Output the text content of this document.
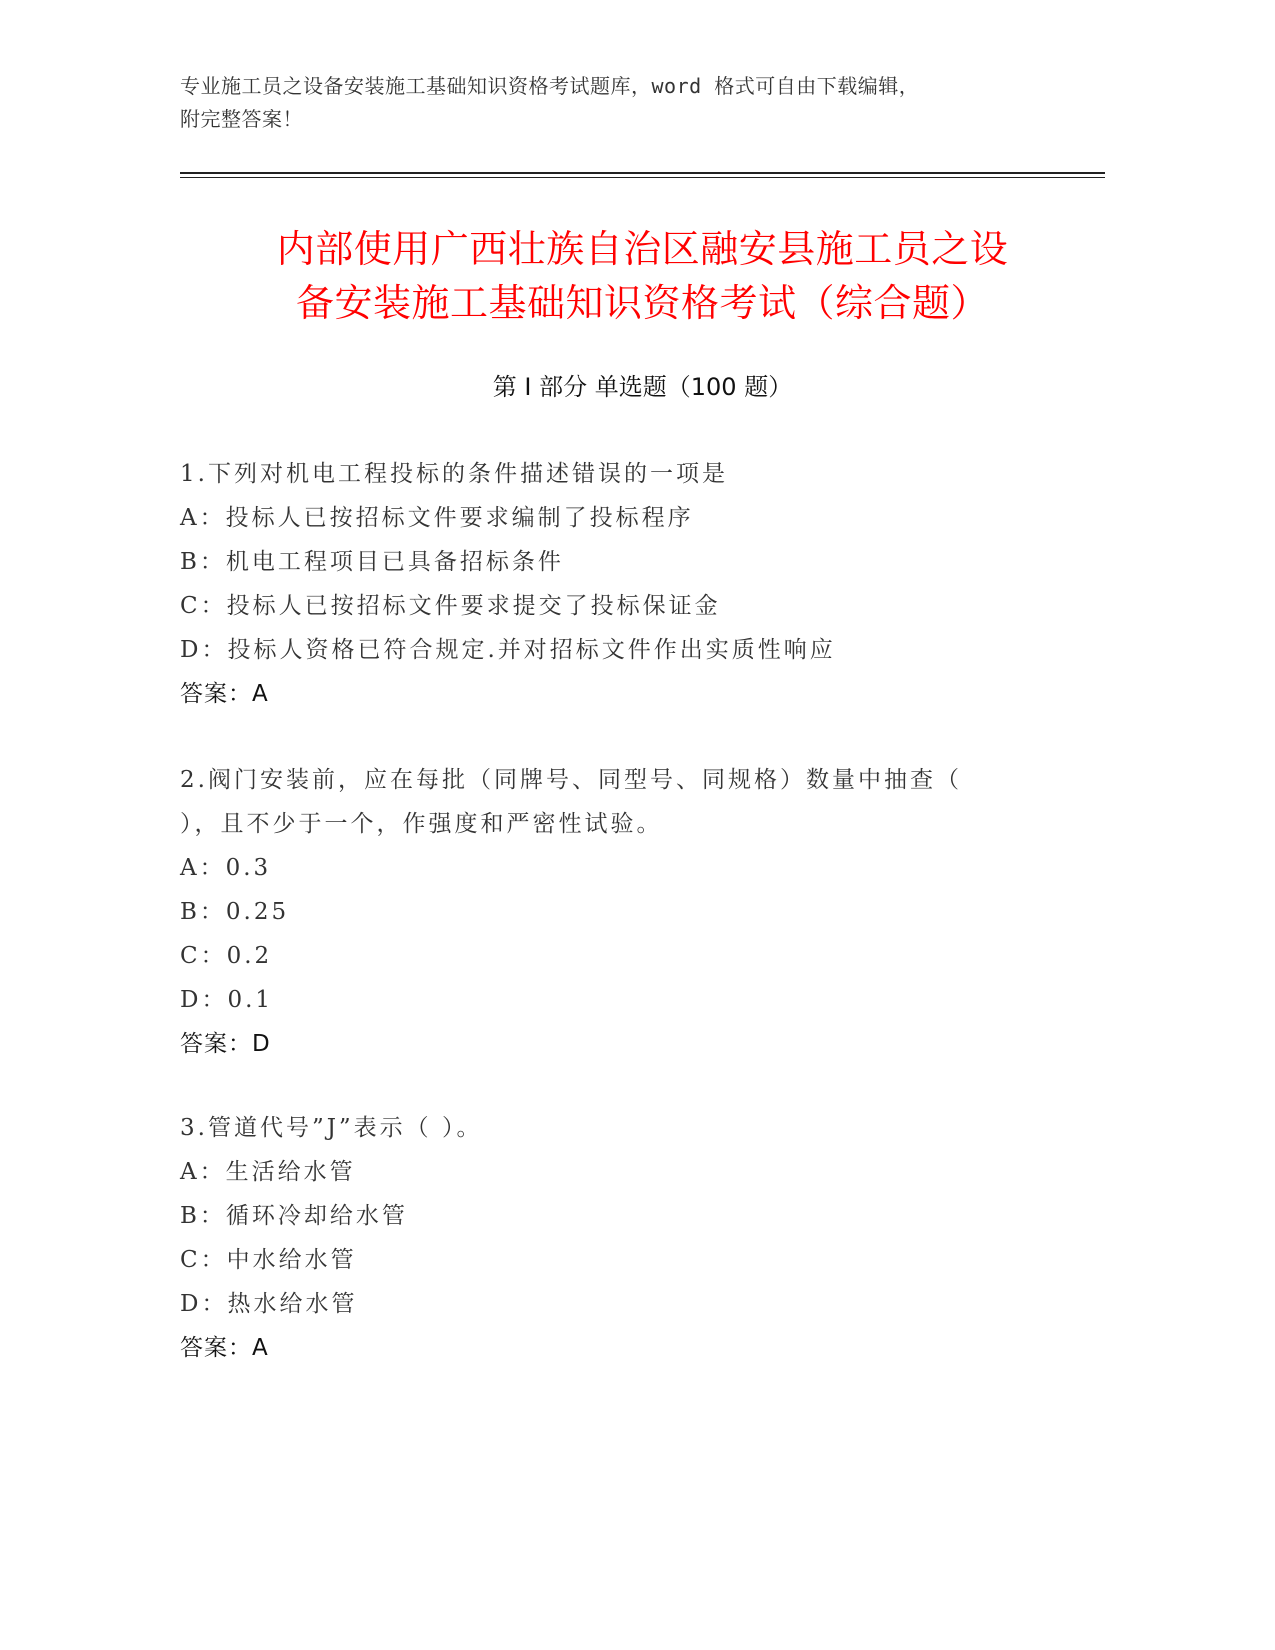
专业施工员之设备安装施工基础知识资格考试题库，word 格式可自由下载编辑，
附完整答案！
内部使用广西壮族自治区融安县施工员之设
备安装施工基础知识资格考试（综合题）
第 I 部分 单选题（100 题）
1.下列对机电工程投标的条件描述错误的一项是
A：投标人已按招标文件要求编制了投标程序
B：机电工程项目已具备招标条件
C：投标人已按招标文件要求提交了投标保证金
D：投标人资格已符合规定.并对招标文件作出实质性响应
答案：A
2.阀门安装前，应在每批（同牌号、同型号、同规格）数量中抽查（
），且不少于一个，作强度和严密性试验。
A：0.3
B：0.25
C：0.2
D：0.1
答案：D
3.管道代号”J”表示（ ）。
A：生活给水管
B：循环冷却给水管
C：中水给水管
D：热水给水管
答案：A
